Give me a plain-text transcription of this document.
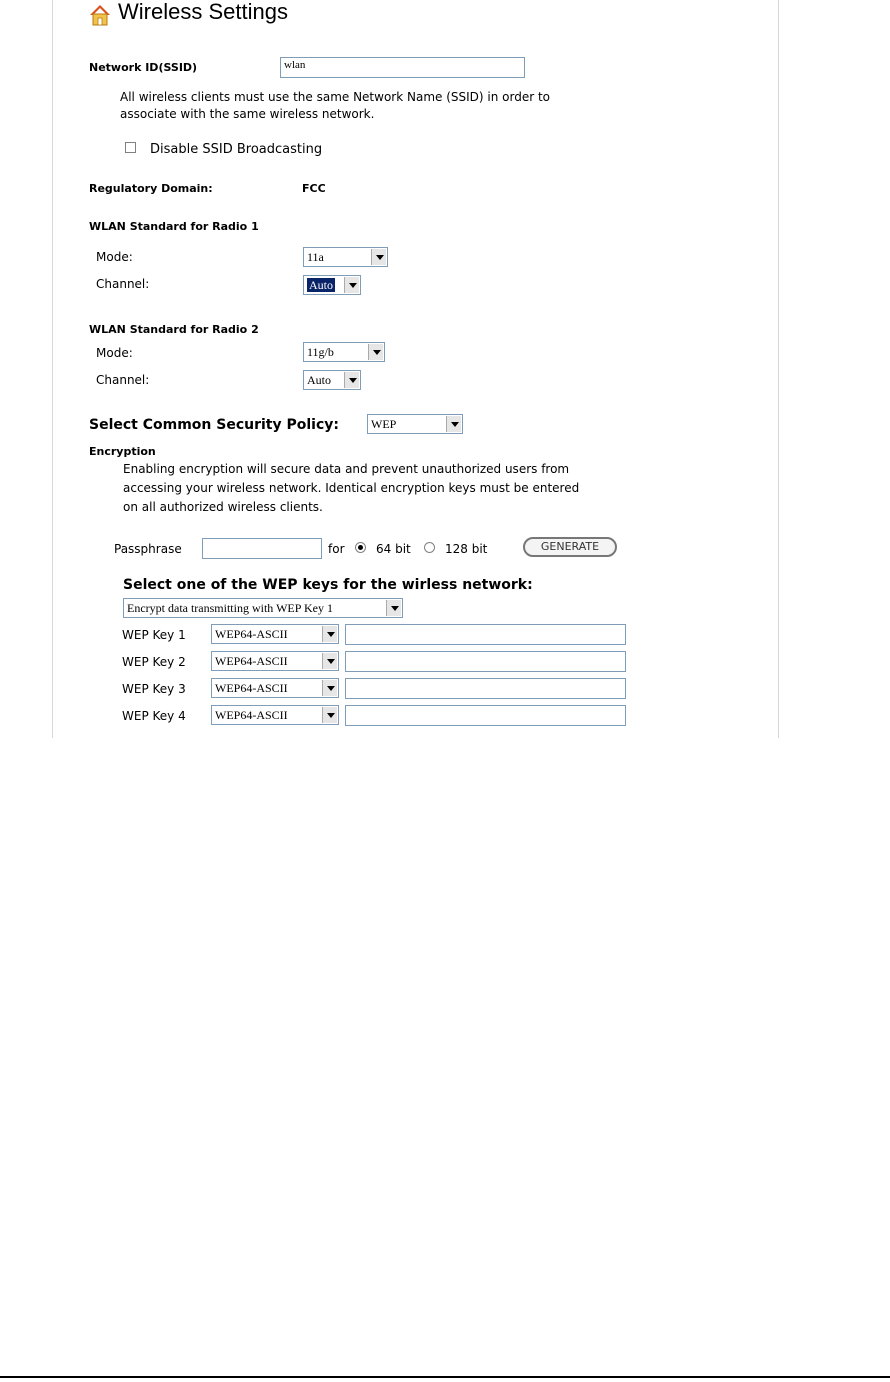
Wireless Settings
Network ID(SSID)	wlan
All wireless clients must use the same Network Name (SSID) in order to
associate with the same wireless network.
Disable SSID Broadcasting
Regulatory Domain:	FCC
WLAN Standard for Radio 1
Mode:	11a
Channel:	Auto
WLAN Standard for Radio 2
Mode:	11g/b
Channel:	Auto
Select Common Security Policy:	WEP
Encryption
Enabling encryption will secure data and prevent unauthorized users from
accessing your wireless network. Identical encryption keys must be entered
on all authorized wireless clients.
Passphrase	for	64 bit	128 bit	GENERATE
Select one of the WEP keys for the wirless network:
Encrypt data transmitting with WEP Key 1
WEP Key 1	WEP64-ASCII
WEP Key 2	WEP64-ASCII
WEP Key 3	WEP64-ASCII
WEP Key 4	WEP64-ASCII
